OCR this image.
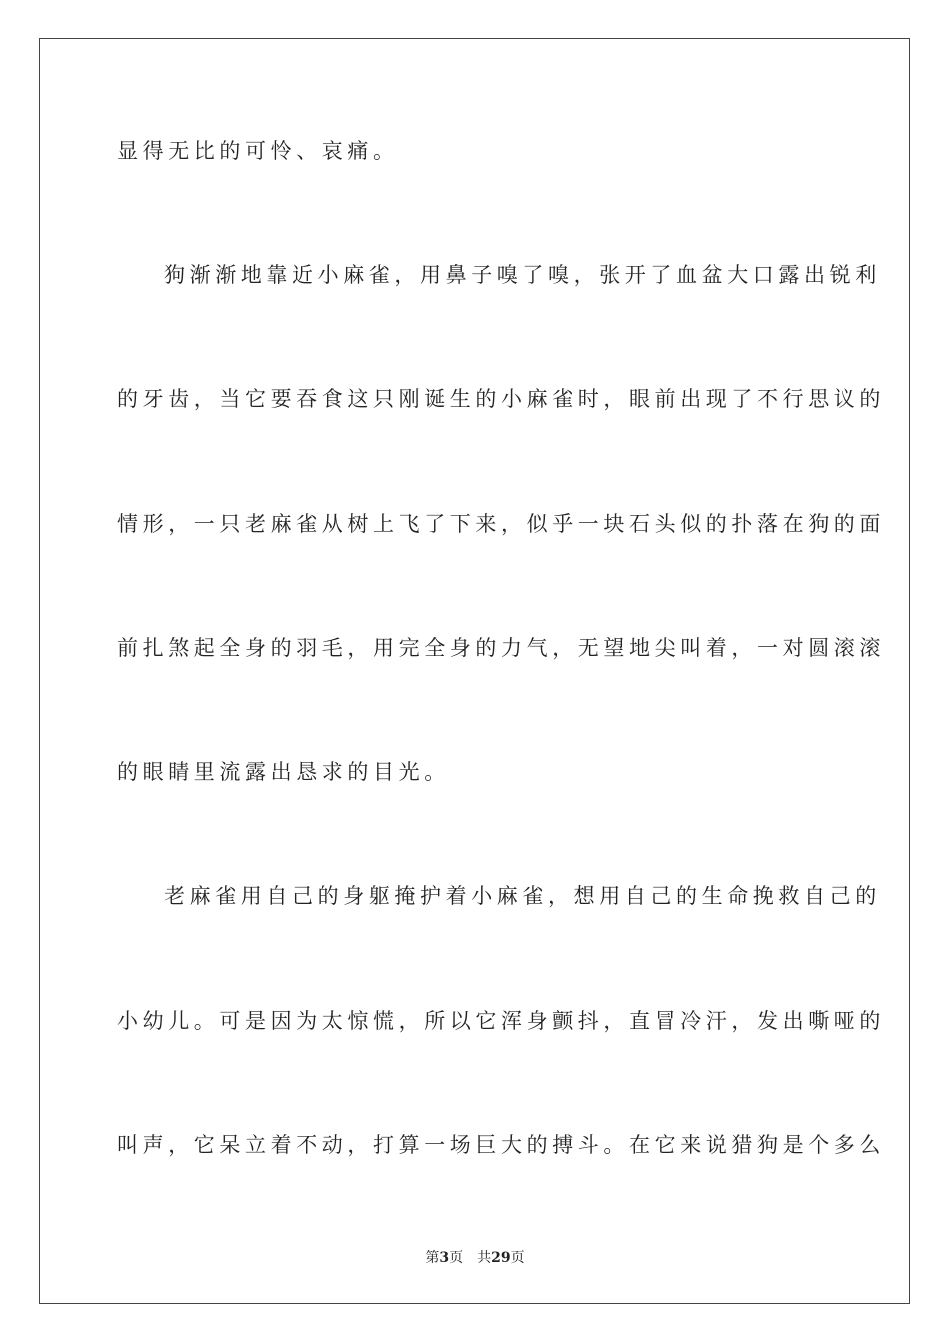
显得无比的可怜、哀痛。
狗渐渐地靠近小麻雀，用鼻子嗅了嗅，张开了血盆大口露出锐利
的牙齿，当它要吞食这只刚诞生的小麻雀时，眼前出现了不行思议的
情形，一只老麻雀从树上飞了下来，似乎一块石头似的扑落在狗的面
前扎煞起全身的羽毛，用完全身的力气，无望地尖叫着，一对圆滚滚
的眼睛里流露出恳求的目光。
老麻雀用自己的身躯掩护着小麻雀，想用自己的生命挽救自己的
小幼儿。可是因为太惊慌，所以它浑身颤抖，直冒冷汗，发出嘶哑的
叫声，它呆立着不动，打算一场巨大的搏斗。在它来说猎狗是个多么
第3页 共29页
